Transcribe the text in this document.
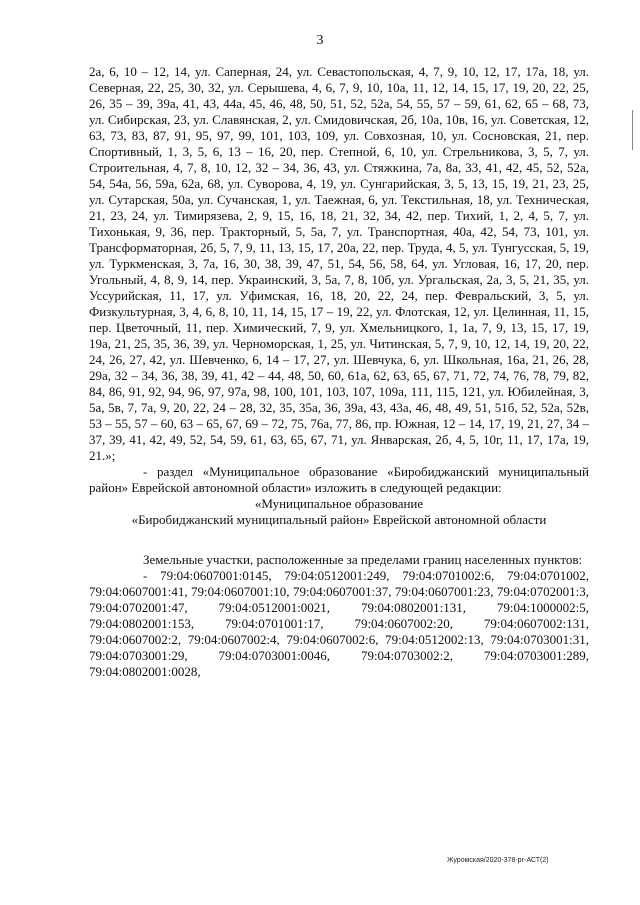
3

2а, 6, 10 – 12, 14, ул. Саперная, 24, ул. Севастопольская, 4, 7, 9, 10, 12, 17, 17а, 18, ул. Северная, 22, 25, 30, 32, ул. Серышева, 4, 6, 7, 9, 10, 10а, 11, 12, 14, 15, 17, 19, 20, 22, 25, 26, 35 – 39, 39а, 41, 43, 44а, 45, 46, 48, 50, 51, 52, 52а, 54, 55, 57 – 59, 61, 62, 65 – 68, 73, ул. Сибирская, 23, ул. Славянская, 2, ул. Смидовичская, 2б, 10а, 10в, 16, ул. Советская, 12, 63, 73, 83, 87, 91, 95, 97, 99, 101, 103, 109, ул. Совхозная, 10, ул. Сосновская, 21, пер. Спортивный, 1, 3, 5, 6, 13 – 16, 20, пер. Степной, 6, 10, ул. Стрельникова, 3, 5, 7, ул. Строительная, 4, 7, 8, 10, 12, 32 – 34, 36, 43, ул. Стяжкина, 7а, 8а, 33, 41, 42, 45, 52, 52а, 54, 54а, 56, 59а, 62а, 68, ул. Суворова, 4, 19, ул. Сунгарийская, 3, 5, 13, 15, 19, 21, 23, 25, ул. Сутарская, 50а, ул. Сучанская, 1, ул. Таежная, 6, ул. Текстильная, 18, ул. Техническая, 21, 23, 24, ул. Тимирязева, 2, 9, 15, 16, 18, 21, 32, 34, 42, пер. Тихий, 1, 2, 4, 5, 7, ул. Тихонькая, 9, 36, пер. Тракторный, 5, 5а, 7, ул. Транспортная, 40а, 42, 54, 73, 101, ул. Трансформаторная, 2б, 5, 7, 9, 11, 13, 15, 17, 20а, 22, пер. Труда, 4, 5, ул. Тунгусская, 5, 19, ул. Туркменская, 3, 7а, 16, 30, 38, 39, 47, 51, 54, 56, 58, 64, ул. Угловая, 16, 17, 20, пер. Угольный, 4, 8, 9, 14, пер. Украинский, 3, 5а, 7, 8, 10б, ул. Ургальская, 2а, 3, 5, 21, 35, ул. Уссурийская, 11, 17, ул. Уфимская, 16, 18, 20, 22, 24, пер. Февральский, 3, 5, ул. Физкультурная, 3, 4, 6, 8, 10, 11, 14, 15, 17 – 19, 22, ул. Флотская, 12, ул. Целинная, 11, 15, пер. Цветочный, 11, пер. Химический, 7, 9, ул. Хмельницкого, 1, 1а, 7, 9, 13, 15, 17, 19, 19а, 21, 25, 35, 36, 39, ул. Черноморская, 1, 25, ул. Читинская, 5, 7, 9, 10, 12, 14, 19, 20, 22, 24, 26, 27, 42, ул. Шевченко, 6, 14 – 17, 27, ул. Шевчука, 6, ул. Школьная, 16а, 21, 26, 28, 29а, 32 – 34, 36, 38, 39, 41, 42 – 44, 48, 50, 60, 61а, 62, 63, 65, 67, 71, 72, 74, 76, 78, 79, 82, 84, 86, 91, 92, 94, 96, 97, 97а, 98, 100, 101, 103, 107, 109а, 111, 115, 121, ул. Юбилейная, 3, 5а, 5в, 7, 7а, 9, 20, 22, 24 – 28, 32, 35, 35а, 36, 39а, 43, 43а, 46, 48, 49, 51, 51б, 52, 52а, 52в, 53 – 55, 57 – 60, 63 – 65, 67, 69 – 72, 75, 76а, 77, 86, пр. Южная, 12 – 14, 17, 19, 21, 27, 34 – 37, 39, 41, 42, 49, 52, 54, 59, 61, 63, 65, 67, 71, ул. Январская, 2б, 4, 5, 10г, 11, 17, 17а, 19, 21.»;

- раздел «Муниципальное образование «Биробиджанский муниципальный район» Еврейской автономной области» изложить в следующей редакции:

«Муниципальное образование

«Биробиджанский муниципальный район» Еврейской автономной области

Земельные участки, расположенные за пределами границ населенных пунктов:

- 79:04:0607001:0145, 79:04:0512001:249, 79:04:0701002:6, 79:04:0701002, 79:04:0607001:41, 79:04:0607001:10, 79:04:0607001:37, 79:04:0607001:23, 79:04:0702001:3, 79:04:0702001:47, 79:04:0512001:0021, 79:04:0802001:131, 79:04:1000002:5, 79:04:0802001:153, 79:04:0701001:17, 79:04:0607002:20, 79:04:0607002:131, 79:04:0607002:2, 79:04:0607002:4, 79:04:0607002:6, 79:04:0512002:13, 79:04:0703001:31, 79:04:0703001:29, 79:04:0703001:0046, 79:04:0703002:2, 79:04:0703001:289, 79:04:0802001:0028,

Журомская/2020-378-рг-АСТ(2)
